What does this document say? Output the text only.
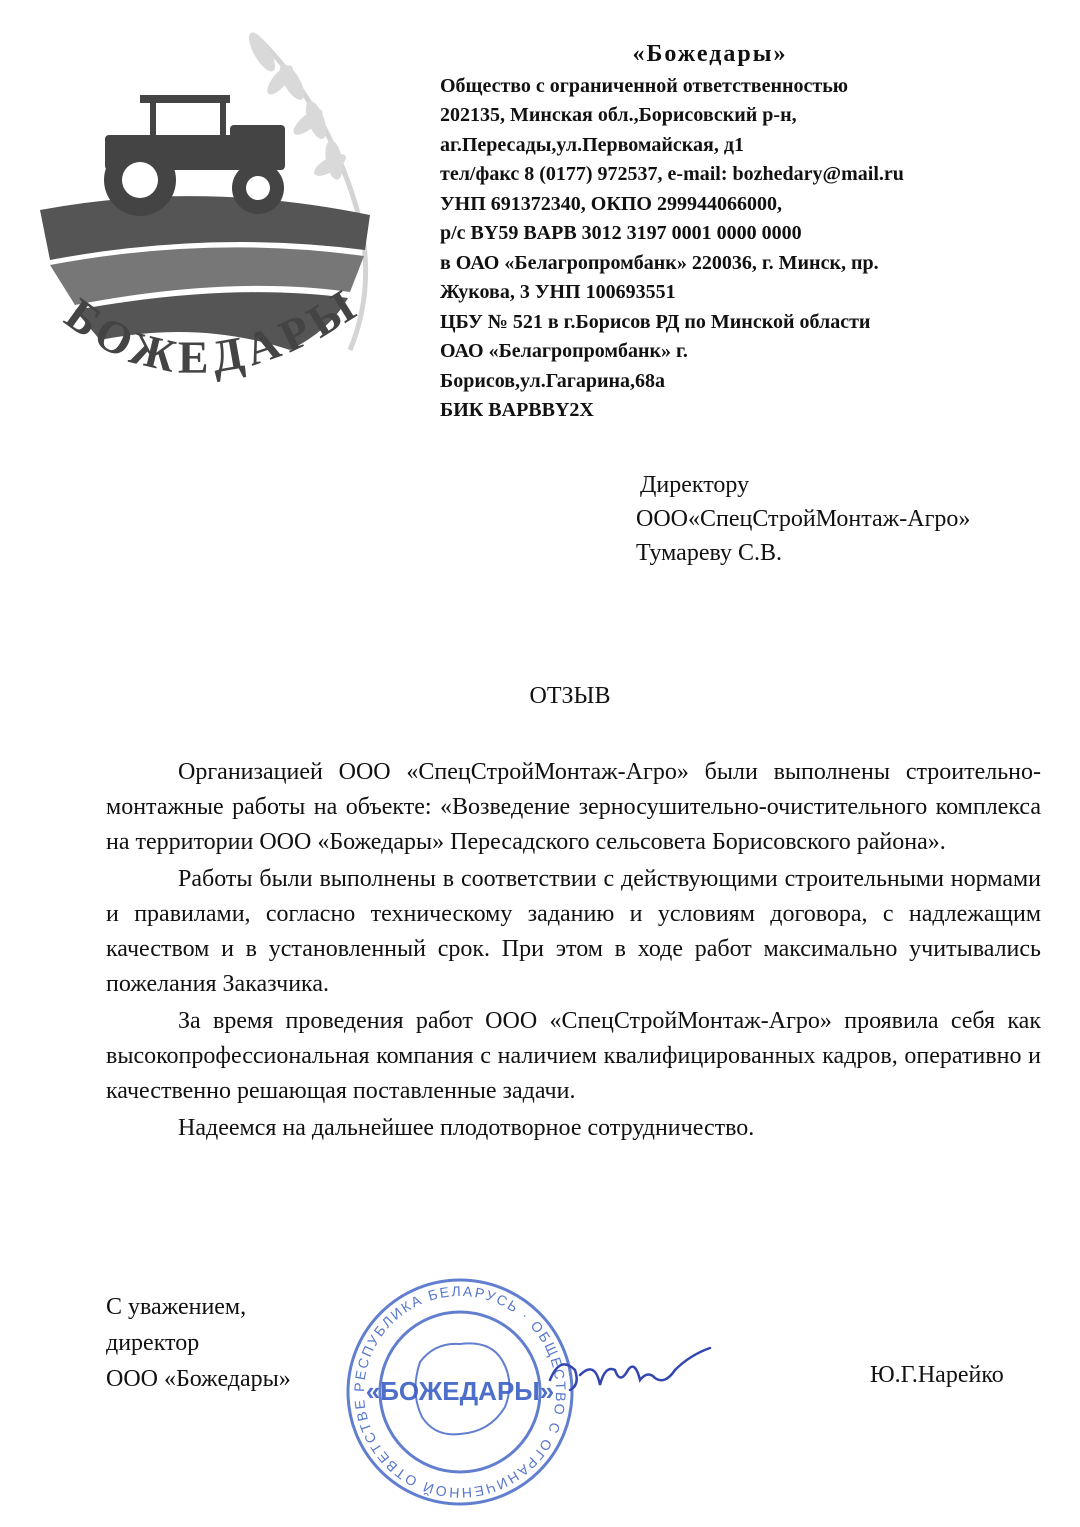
БОЖЕДАРЫ
«Божедары»
Общество с ограниченной ответственностью
202135, Минская обл.,Борисовский р-н,
аг.Пересады,ул.Первомайская, д1
тел/факс 8 (0177) 972537, e-mail: bozhedary@mail.ru
УНП 691372340, ОКПО 299944066000,
р/с BY59 BAPB 3012 3197 0001 0000 0000
в ОАО «Белагропромбанк» 220036, г. Минск, пр.
Жукова, 3 УНП 100693551
ЦБУ № 521 в г.Борисов РД по Минской области
ОАО «Белагропромбанк» г.
Борисов,ул.Гагарина,68а
БИК BAPBBY2X
Директору
ООО«СпецСтройМонтаж-Агро»
Тумареву С.В.
ОТЗЫВ

Организацией ООО «СпецСтройМонтаж-Агро» были выполнены строительно-монтажные работы на объекте: «Возведение зерносушительно-очистительного комплекса на территории ООО «Божедары» Пересадского сельсовета Борисовского района».

Работы были выполнены в соответствии с действующими строительными нормами и правилами, согласно техническому заданию и условиям договора, с надлежащим качеством и в установленный срок. При этом в ходе работ максимально учитывались пожелания Заказчика.

За время проведения работ ООО «СпецСтройМонтаж-Агро» проявила себя как высокопрофессиональная компания с наличием квалифицированных кадров, оперативно и качественно решающая поставленные задачи.

Надеемся на дальнейшее плодотворное сотрудничество.

С уважением,
директор
ООО «Божедары»	РЕСПУБЛИКА БЕЛАРУСЬ · ОБЩЕСТВО С ОГРАНИЧЕННОЙ ОТВЕТСТВЕ
«БОЖЕДАРЫ»
Ю.Г.Нарейко
